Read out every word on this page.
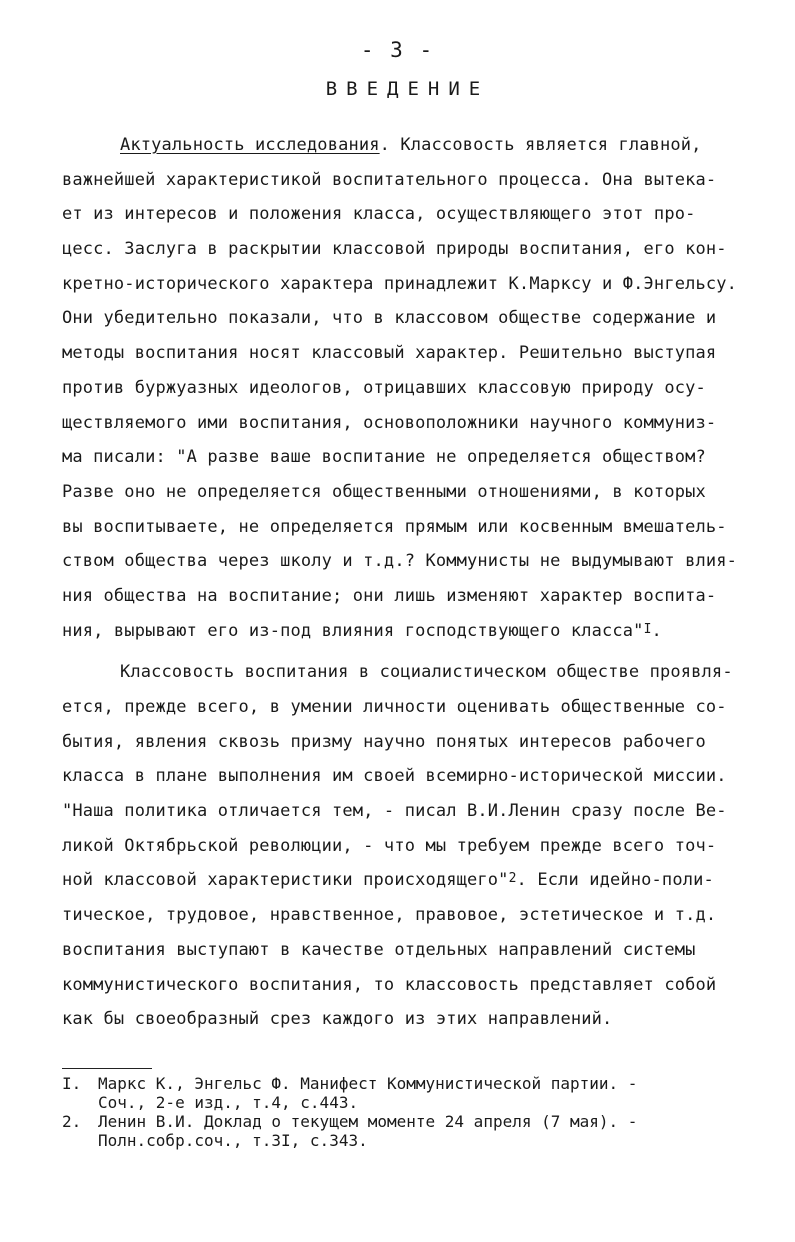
- 3 -
ВВЕДЕНИЕ
Актуальность исследования. Классовость является главной,
важнейшей характеристикой воспитательного процесса. Она вытека-
ет из интересов и положения класса, осуществляющего этот про-
цесс. Заслуга в раскрытии классовой природы воспитания, его кон-
кретно-исторического характера принадлежит К.Марксу и Ф.Энгельсу.
Они убедительно показали, что в классовом обществе содержание и
методы воспитания носят классовый характер. Решительно выступая
против буржуазных идеологов, отрицавших классовую природу осу-
ществляемого ими воспитания, основоположники научного коммуниз-
ма писали: "А разве ваше воспитание не определяется обществом?
Разве оно не определяется общественными отношениями, в которых
вы воспитываете, не определяется прямым или косвенным вмешатель-
ством общества через школу и т.д.? Коммунисты не выдумывают влия-
ния общества на воспитание; они лишь изменяют характер воспита-
ния, вырывают его из-под влияния господствующего класса"$^I$.
Классовость воспитания в социалистическом обществе проявля-
ется, прежде всего, в умении личности оценивать общественные со-
бытия, явления сквозь призму научно понятых интересов рабочего
класса в плане выполнения им своей всемирно-исторической миссии.
"Наша политика отличается тем, - писал В.И.Ленин сразу после Ве-
ликой Октябрьской революции, - что мы требуем прежде всего точ-
ной классовой характеристики происходящего"$^2$. Если идейно-поли-
тическое, трудовое, нравственное, правовое, эстетическое и т.д.
воспитания выступают в качестве отдельных направлений системы
коммунистического воспитания, то классовость представляет собой
как бы своеобразный срез каждого из этих направлений.
I. Маркс К., Энгельс Ф. Манифест Коммунистической партии. -
Соч., 2-е изд., т.4, с.443.
2. Ленин В.И. Доклад о текущем моменте 24 апреля (7 мая). -
Полн.собр.соч., т.3I, с.343.
